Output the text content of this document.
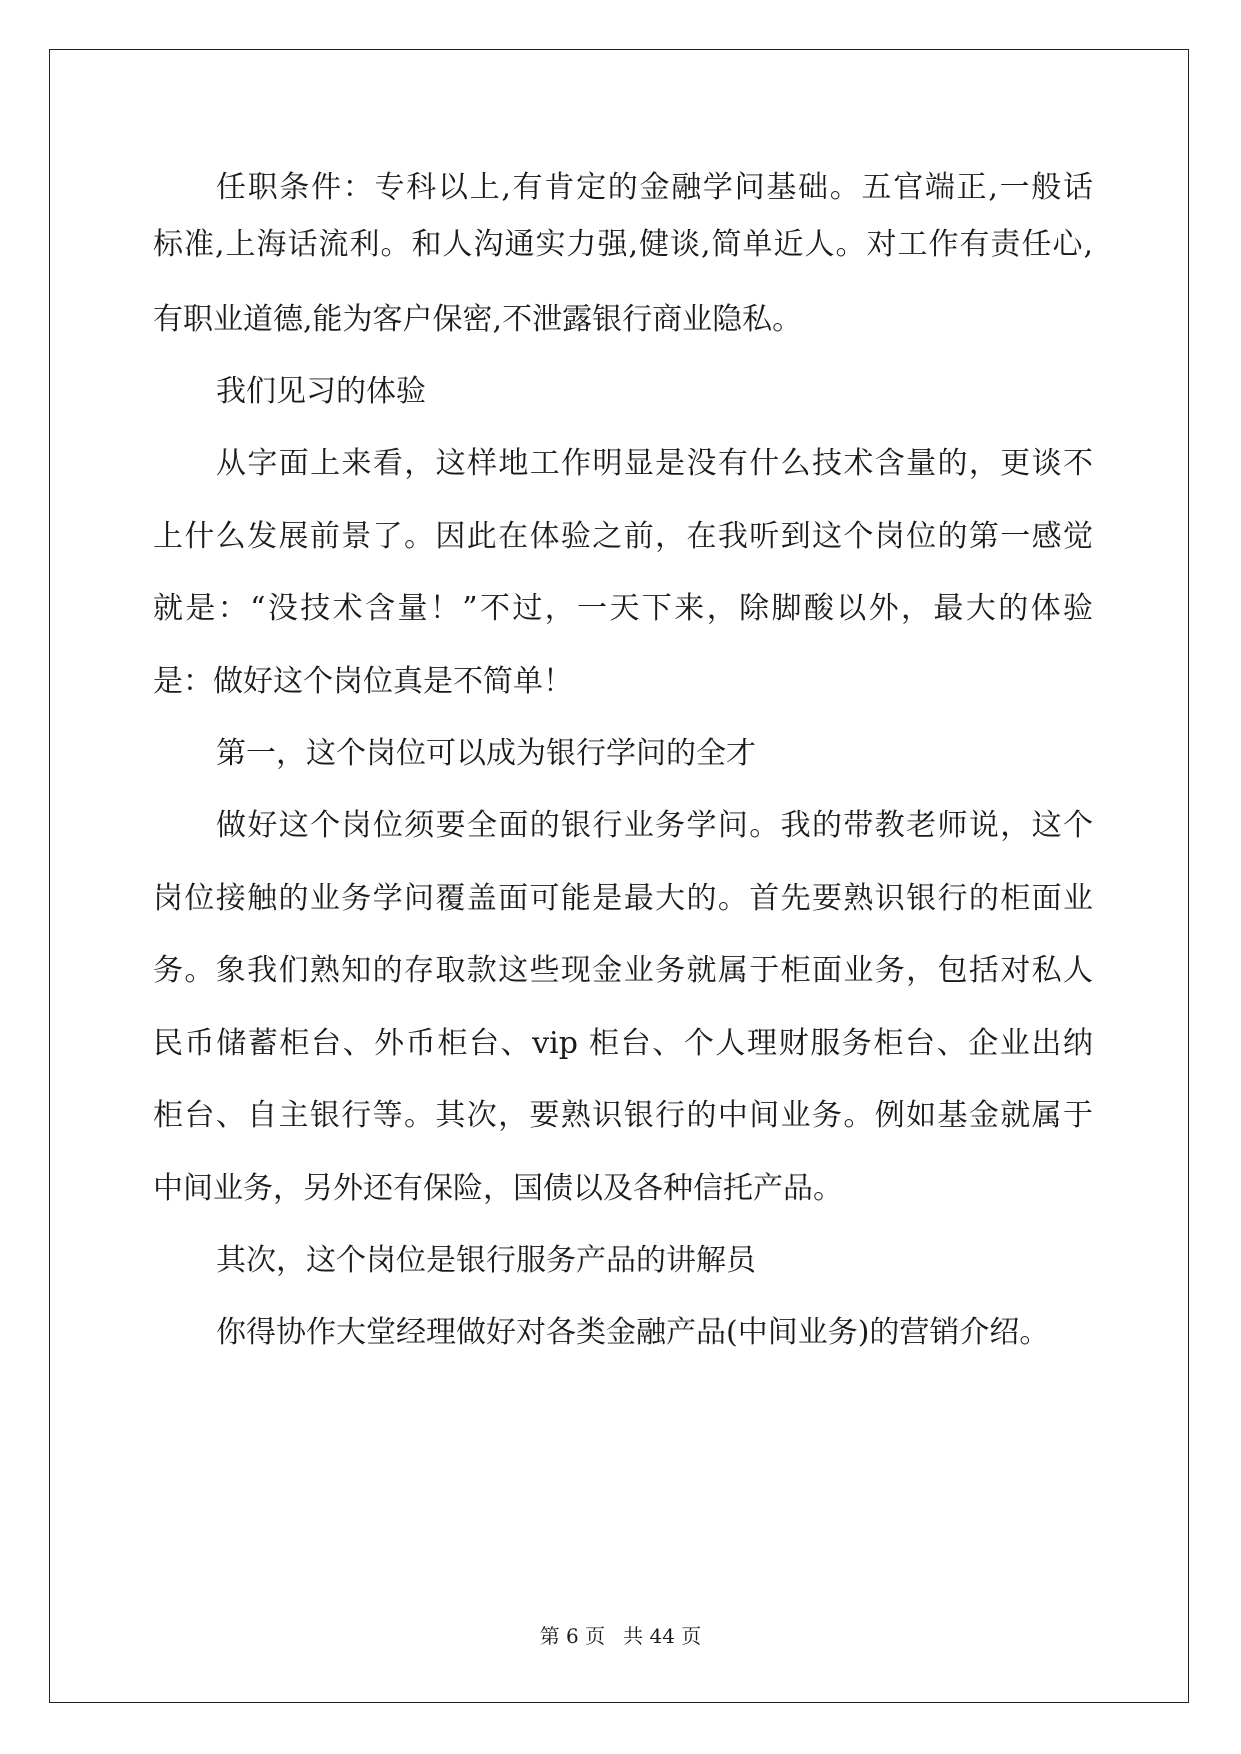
任职条件：专科以上,有肯定的金融学问基础。五官端正,一般话
标准,上海话流利。和人沟通实力强,健谈,简单近人。对工作有责任心,
有职业道德,能为客户保密,不泄露银行商业隐私。
我们见习的体验
从字面上来看，这样地工作明显是没有什么技术含量的，更谈不
上什么发展前景了。因此在体验之前，在我听到这个岗位的第一感觉
就是：“没技术含量！”不过，一天下来，除脚酸以外，最大的体验
是：做好这个岗位真是不简单！
第一，这个岗位可以成为银行学问的全才
做好这个岗位须要全面的银行业务学问。我的带教老师说，这个
岗位接触的业务学问覆盖面可能是最大的。首先要熟识银行的柜面业
务。象我们熟知的存取款这些现金业务就属于柜面业务，包括对私人
民币储蓄柜台、外币柜台、vip 柜台、个人理财服务柜台、企业出纳
柜台、自主银行等。其次，要熟识银行的中间业务。例如基金就属于
中间业务，另外还有保险，国债以及各种信托产品。
其次，这个岗位是银行服务产品的讲解员
你得协作大堂经理做好对各类金融产品(中间业务)的营销介绍。
第 6 页 共 44 页
